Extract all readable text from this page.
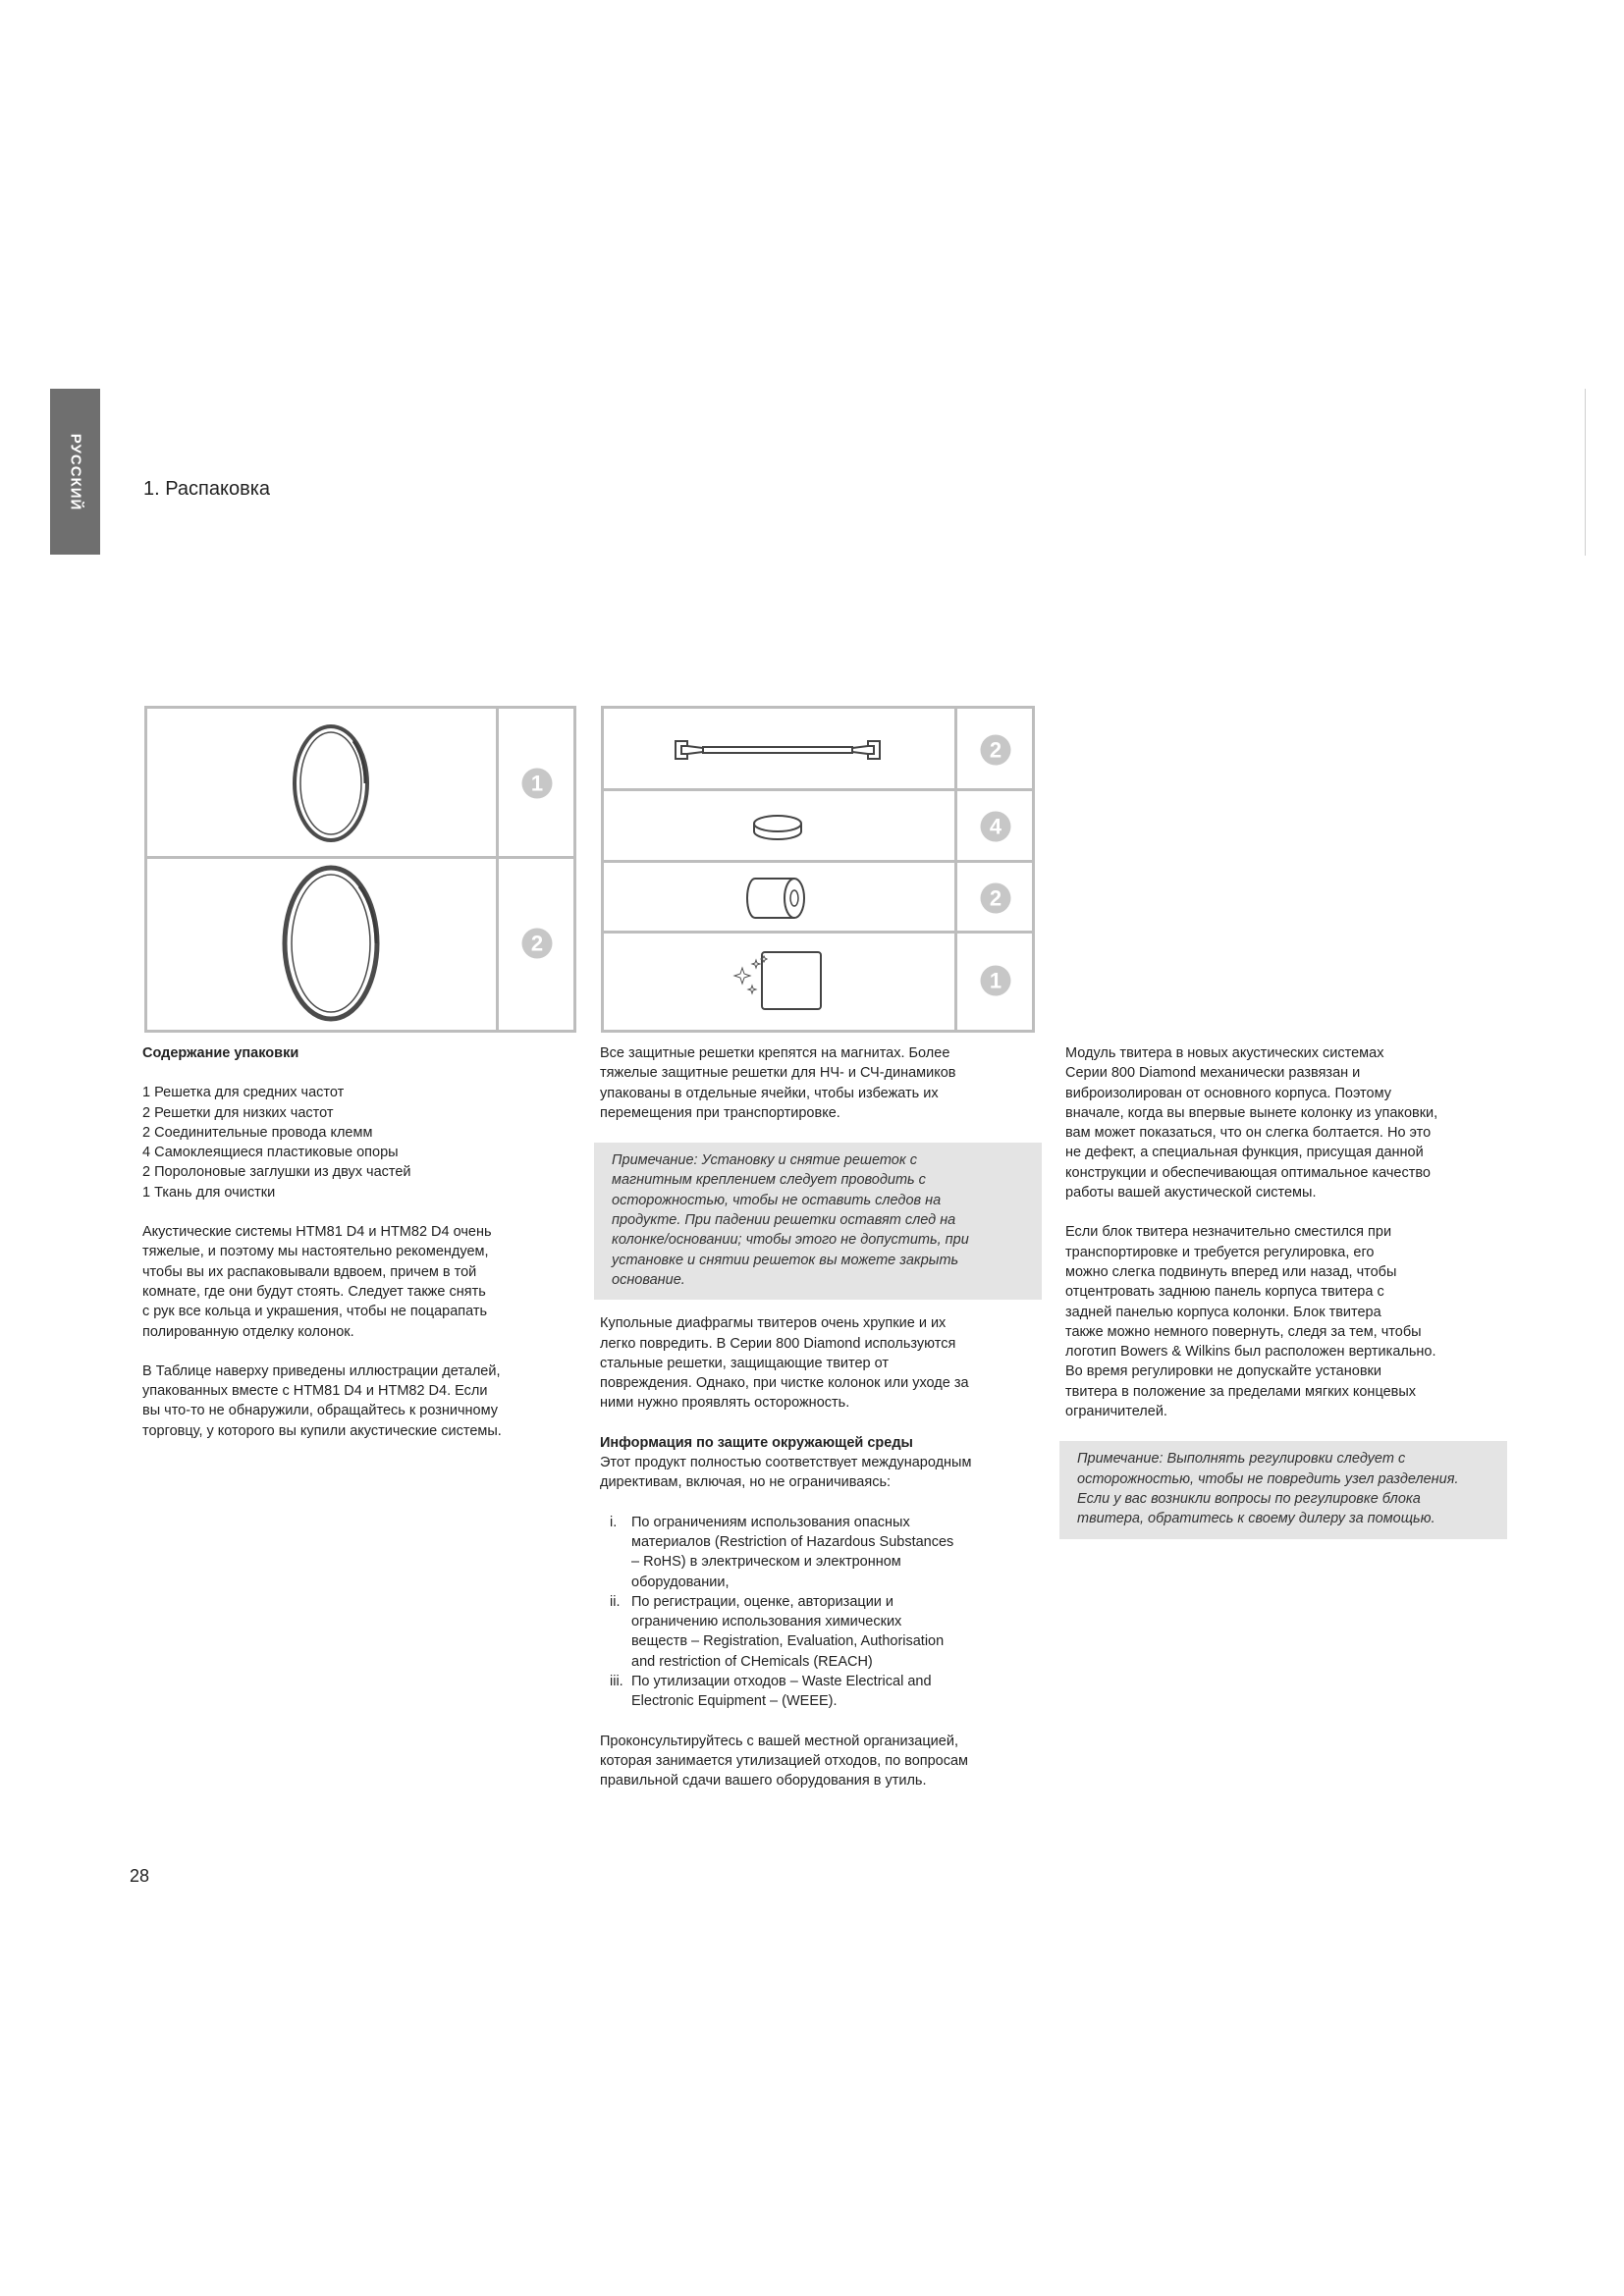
РУССКИЙ	1. Распаковка
1
2
2
4
2
1

Содержание упаковки

1 Решетка для средних частот
2 Решетки для низких частот
2 Соединительные провода клемм
4 Самоклеящиеся пластиковые опоры
2 Поролоновые заглушки из двух частей
1 Ткань для очистки

Акустические системы HTM81 D4 и HTM82 D4 очень
тяжелые, и поэтому мы настоятельно рекомендуем,
чтобы вы их распаковывали вдвоем, причем в той
комнате, где они будут стоять. Следует также снять
с рук все кольца и украшения, чтобы не поцарапать
полированную отделку колонок.

В Таблице наверху приведены иллюстрации деталей,
упакованных вместе с HTM81 D4 и HTM82 D4. Если
вы что-то не обнаружили, обращайтесь к розничному
торговцу, у которого вы купили акустические системы.

Все защитные решетки крепятся на магнитах. Более
тяжелые защитные решетки для НЧ- и СЧ-динамиков
упакованы в отдельные ячейки, чтобы избежать их
перемещения при транспортировке.

Примечание: Установку и снятие решеток с
магнитным креплением следует проводить с
осторожностью, чтобы не оставить следов на
продукте. При падении решетки оставят след на
колонке/основании; чтобы этого не допустить, при
установке и снятии решеток вы можете закрыть
основание.

Купольные диафрагмы твитеров очень хрупкие и их
легко повредить. В Серии 800 Diamond используются
стальные решетки, защищающие твитер от
повреждения. Однако, при чистке колонок или уходе за
ними нужно проявлять осторожность.

Информация по защите окружающей среды

Этот продукт полностью соответствует международным
директивам, включая, но не ограничиваясь:

i.	По ограничениям использования опасных
материалов (Restriction of Hazardous Substances
– RoHS) в электрическом и электронном
оборудовании,
ii. По регистрации, оценке, авторизации и
ограничению использования химических
веществ – Registration, Evaluation, Authorisation
and restriction of CHemicals (REACH)
iii. По утилизации отходов – Waste Electrical and
Electronic Equipment – (WEEE).

Проконсультируйтесь с вашей местной организацией,
которая занимается утилизацией отходов, по вопросам
правильной сдачи вашего оборудования в утиль.

Модуль твитера в новых акустических системах
Серии 800 Diamond механически развязан и
виброизолирован от основного корпуса. Поэтому
вначале, когда вы впервые вынете колонку из упаковки,
вам может показаться, что он слегка болтается. Но это
не дефект, а специальная функция, присущая данной
конструкции и обеспечивающая оптимальное качество
работы вашей акустической системы.

Если блок твитера незначительно сместился при
транспортировке и требуется регулировка, его
можно слегка подвинуть вперед или назад, чтобы
отцентровать заднюю панель корпуса твитера с
задней панелью корпуса колонки. Блок твитера
также можно немного повернуть, следя за тем, чтобы
логотип Bowers & Wilkins был расположен вертикально.
Во время регулировки не допускайте установки
твитера в положение за пределами мягких концевых
ограничителей.

Примечание: Выполнять регулировки следует с
осторожностью, чтобы не повредить узел разделения.
Если у вас возникли вопросы по регулировке блока
твитера, обратитесь к своему дилеру за помощью.

28
